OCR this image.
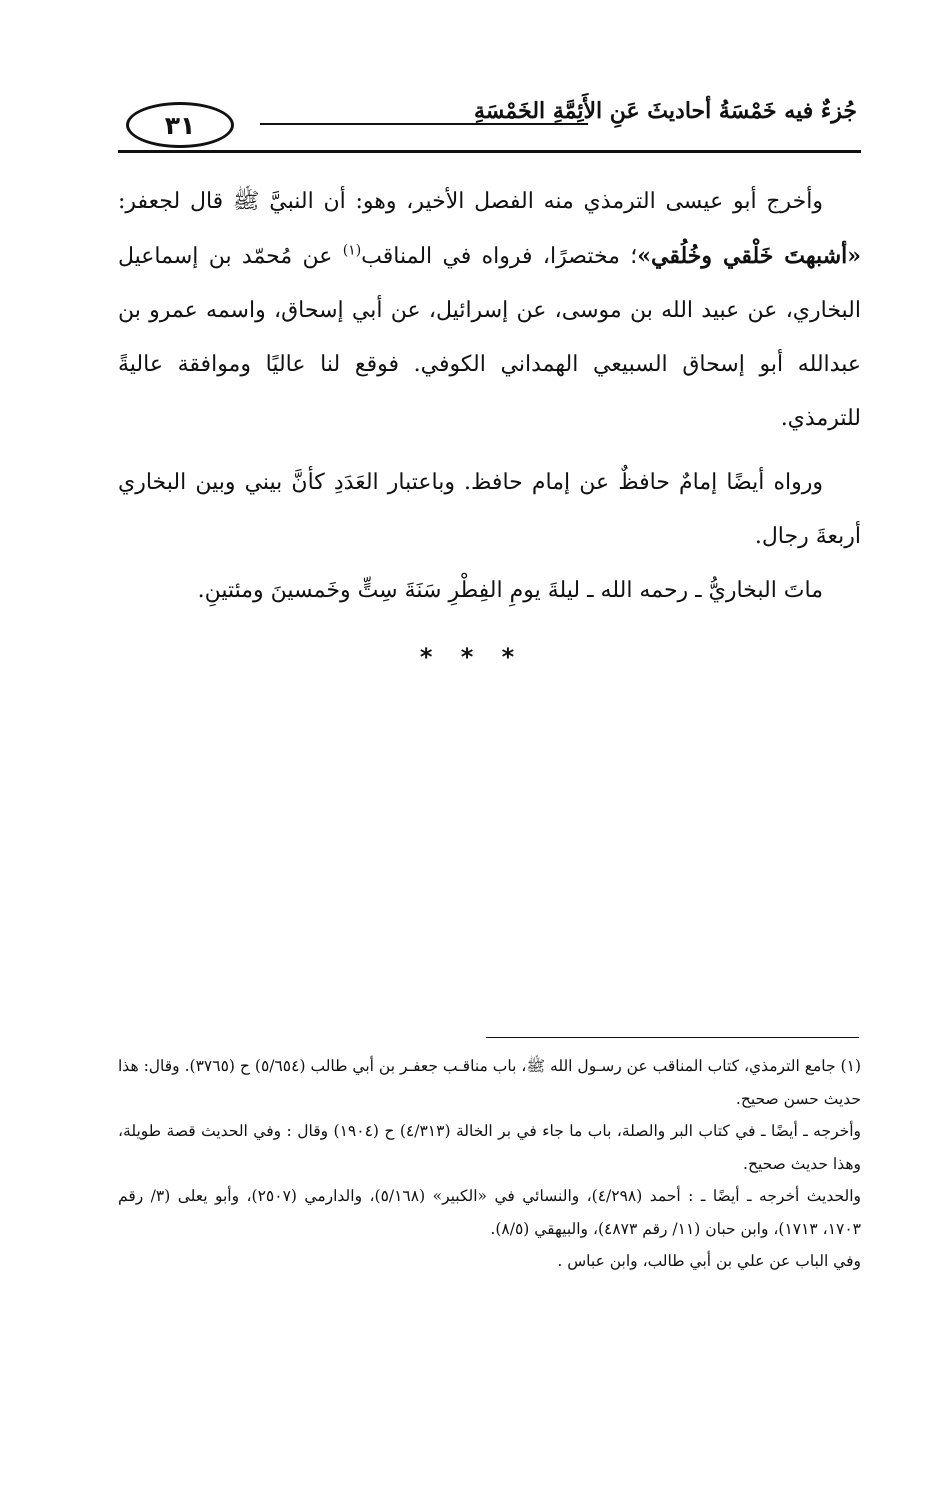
٣١	جُزءٌ فيه خَمْسَةُ أحاديثَ عَنِ الأَئِمَّةِ الخَمْسَةِ

وأخرج أبو عيسى الترمذي منه الفصل الأخير، وهو: أن النبيَّ ﷺ قال لجعفر: «أشبهتَ خَلْقي وخُلُقي»؛ مختصرًا، فرواه في المناقب$^{(١)}$ عن مُحمّد بن إسماعيل البخاري، عن عبيد الله بن موسى، عن إسرائيل، عن أبي إسحاق، واسمه عمرو بن عبدالله أبو إسحاق السبيعي الهمداني الكوفي. فوقع لنا عاليًا وموافقة عاليةً للترمذي.

ورواه أيضًا إمامٌ حافظٌ عن إمام حافظ. وباعتبار العَدَدِ كأنَّ بيني وبين البخاري أربعةَ رجال.

ماتَ البخاريُّ ـ رحمه الله ـ ليلةَ يومِ الفِطْرِ سَنَةَ سِتٍّ وخَمسينَ ومئتينِ.

* * *

(١) جامع الترمذي، كتاب المناقب عن رسـول الله ﷺ، باب مناقـب جعفـر بن أبي طالب (٥/٦٥٤) ح (٣٧٦٥). وقال: هذا حديث حسن صحيح.

وأخرجه ـ أيضًا ـ في كتاب البر والصلة، باب ما جاء في بر الخالة (٤/٣١٣) ح (١٩٠٤) وقال : وفي الحديث قصة طويلة، وهذا حديث صحيح.

والحديث أخرجه ـ أيضًا ـ : أحمد (٤/٢٩٨)، والنسائي في «الكبير» (٥/١٦٨)، والدارمي (٢٥٠٧)، وأبو يعلى (٣/ رقم ١٧٠٣، ١٧١٣)، وابن حبان (١١/ رقم ٤٨٧٣)، والبيهقي (٨/٥).

وفي الباب عن علي بن أبي طالب، وابن عباس .
